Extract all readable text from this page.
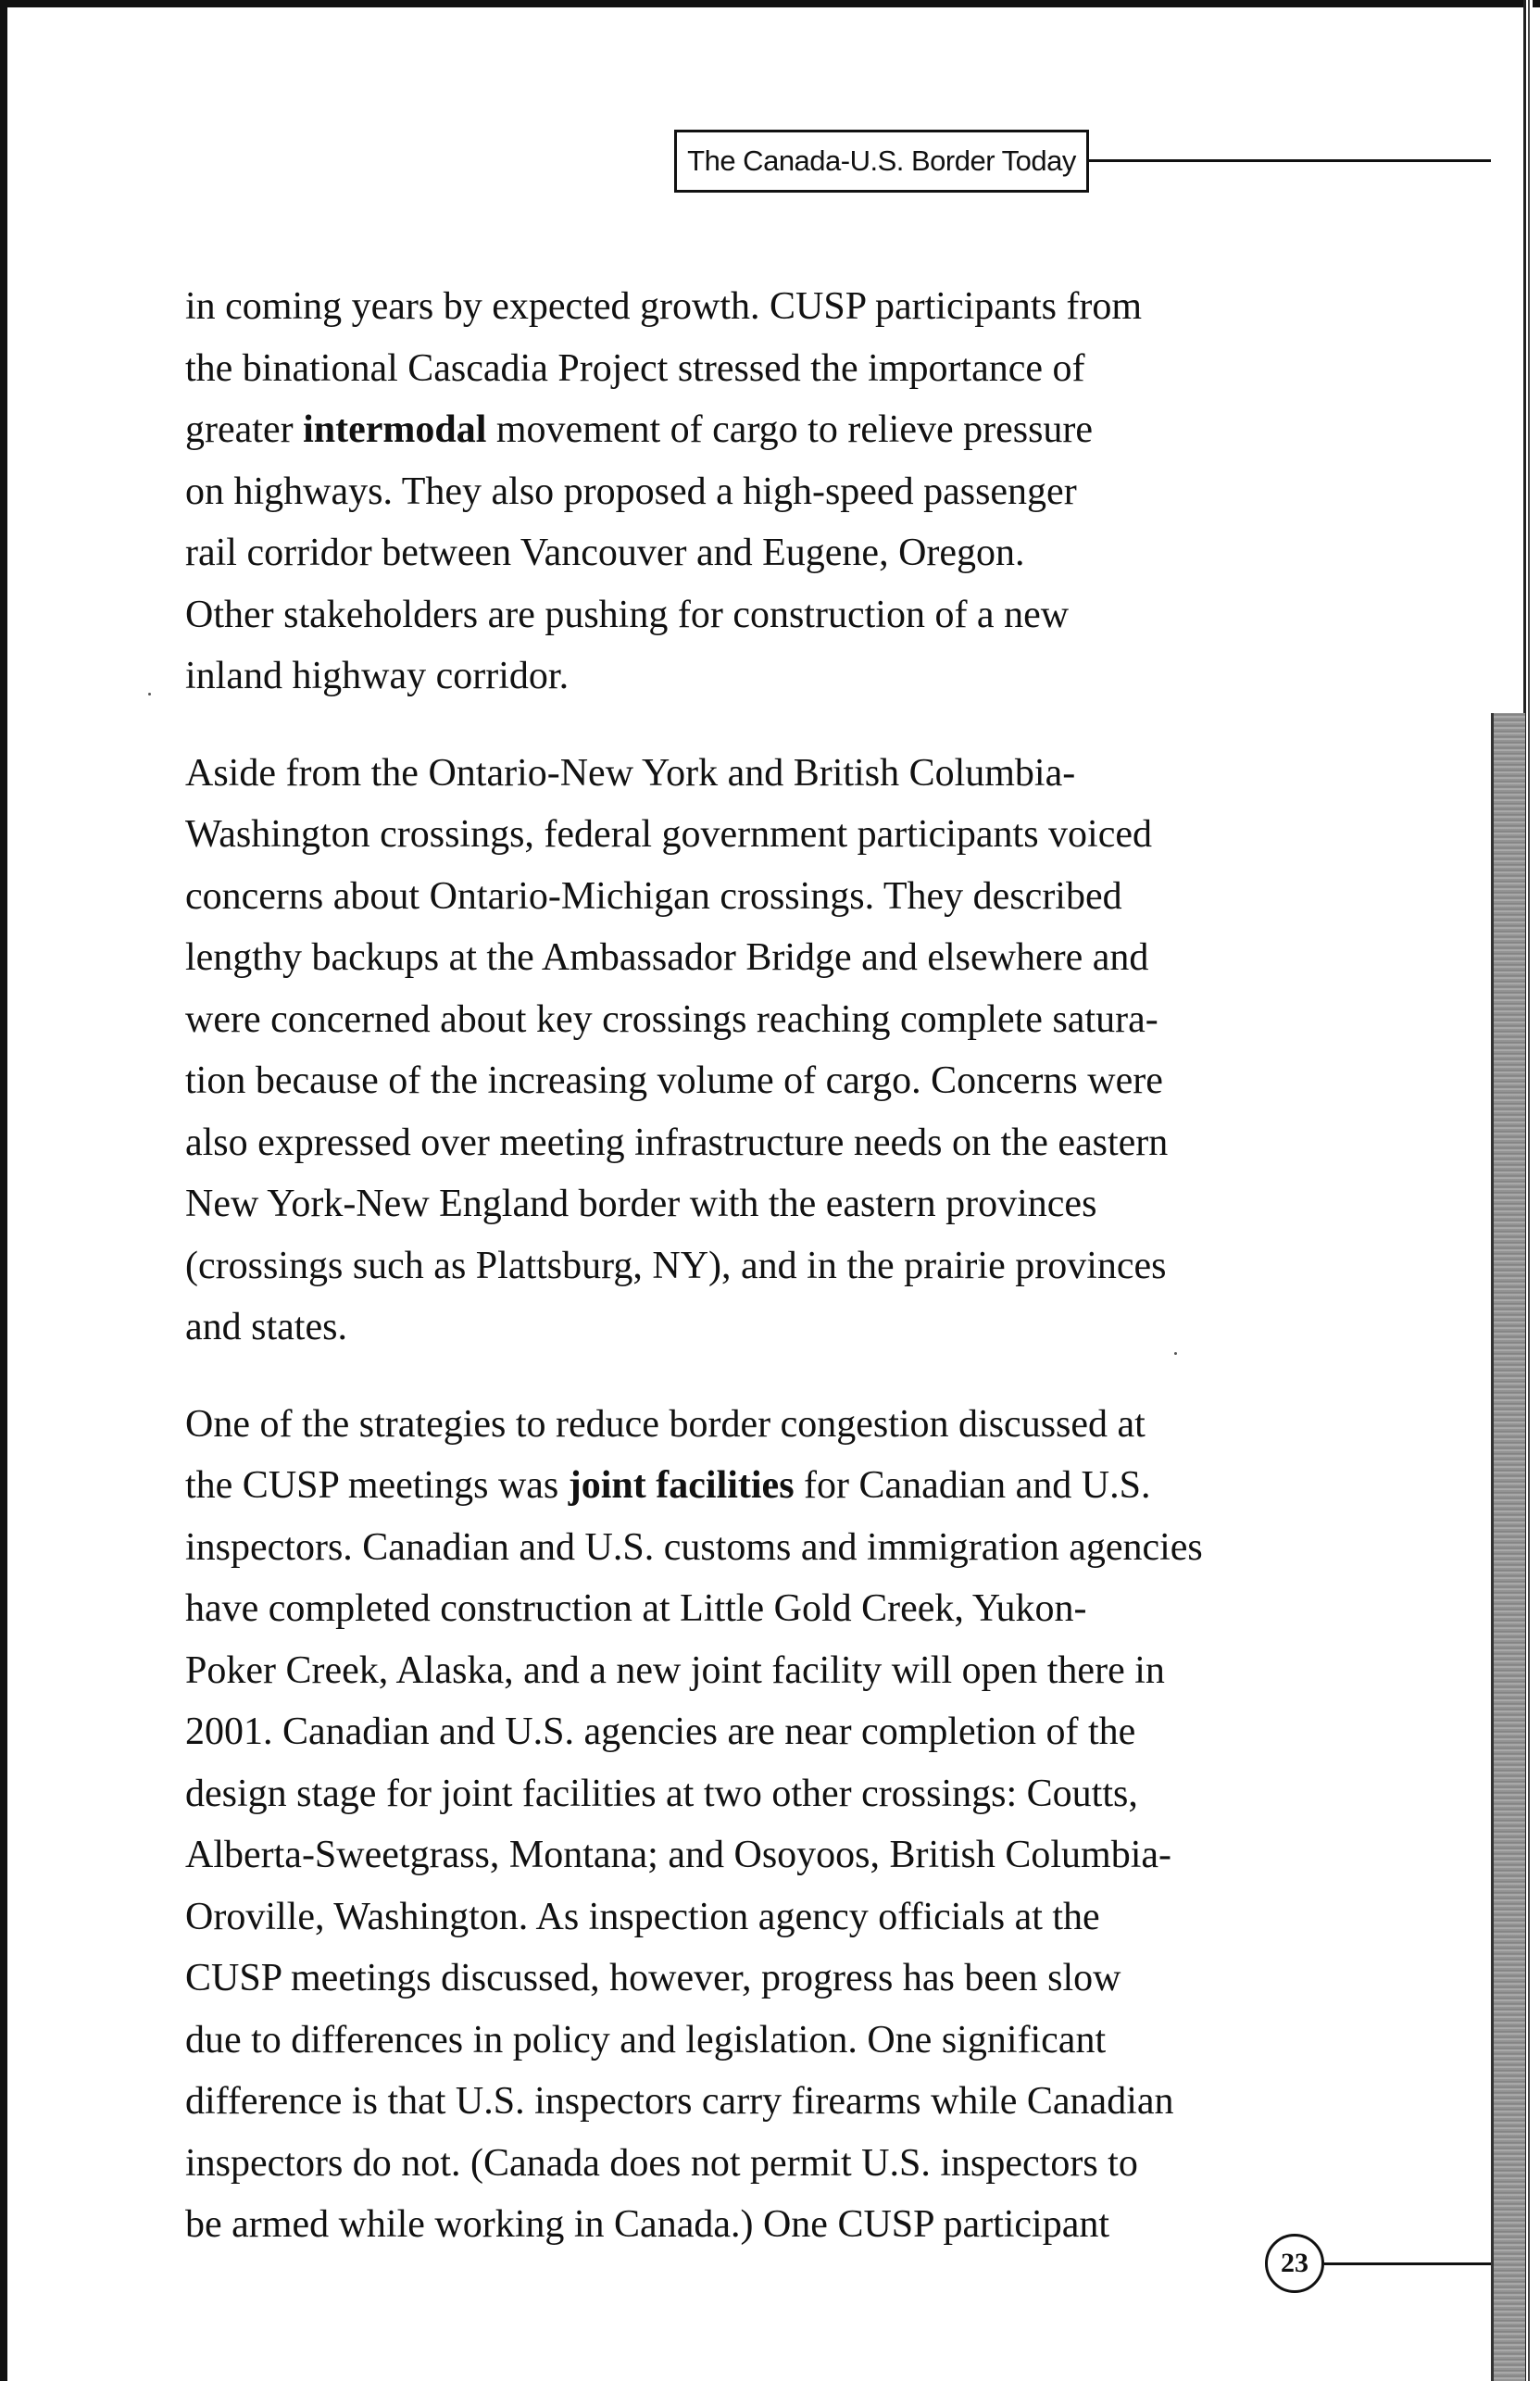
The Canada-U.S. Border Today

in coming years by expected growth. CUSP participants from
the binational Cascadia Project stressed the importance of
greater intermodal movement of cargo to relieve pressure
on highways. They also proposed a high-speed passenger
rail corridor between Vancouver and Eugene, Oregon.
Other stakeholders are pushing for construction of a new
inland highway corridor.

Aside from the Ontario-New York and British Columbia-
Washington crossings, federal government participants voiced
concerns about Ontario-Michigan crossings. They described
lengthy backups at the Ambassador Bridge and elsewhere and
were concerned about key crossings reaching complete satura-
tion because of the increasing volume of cargo. Concerns were
also expressed over meeting infrastructure needs on the eastern
New York-New England border with the eastern provinces
(crossings such as Plattsburg, NY), and in the prairie provinces
and states.

One of the strategies to reduce border congestion discussed at
the CUSP meetings was joint facilities for Canadian and U.S.
inspectors. Canadian and U.S. customs and immigration agencies
have completed construction at Little Gold Creek, Yukon-
Poker Creek, Alaska, and a new joint facility will open there in
2001. Canadian and U.S. agencies are near completion of the
design stage for joint facilities at two other crossings: Coutts,
Alberta-Sweetgrass, Montana; and Osoyoos, British Columbia-
Oroville, Washington. As inspection agency officials at the
CUSP meetings discussed, however, progress has been slow
due to differences in policy and legislation. One significant
difference is that U.S. inspectors carry firearms while Canadian
inspectors do not. (Canada does not permit U.S. inspectors to
be armed while working in Canada.) One CUSP participant

23
